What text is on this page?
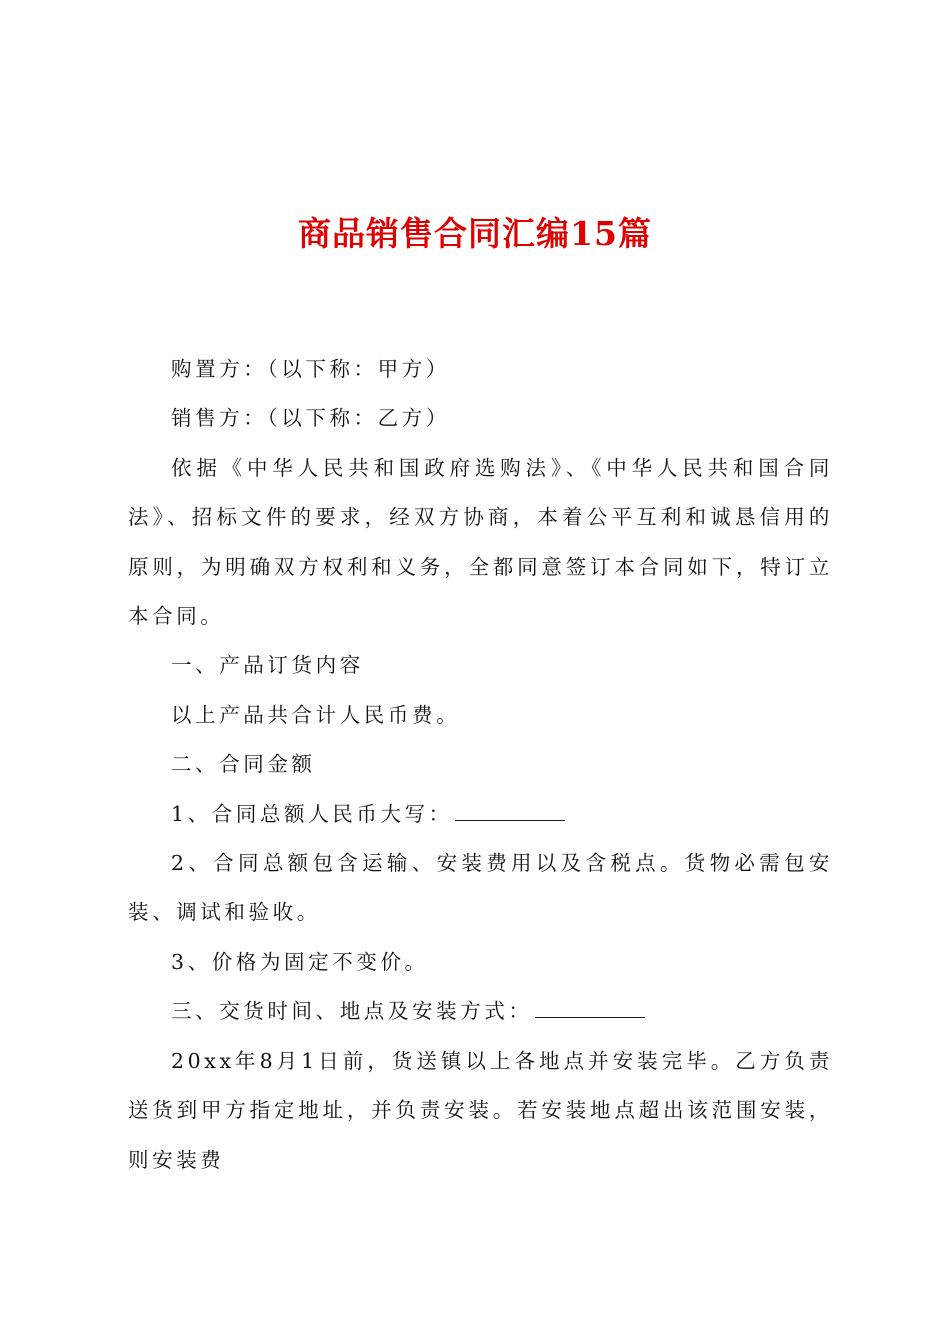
商品销售合同汇编15篇

购置方：（以下称：甲方）

销售方：（以下称：乙方）

依据《中华人民共和国政府选购法》、《中华人民共和国合同法》、招标文件的要求，经双方协商，本着公平互利和诚恳信用的原则，为明确双方权利和义务，全都同意签订本合同如下，特订立本合同。

一、产品订货内容

以上产品共合计人民币费。

二、合同金额

1、合同总额人民币大写：

2、合同总额包含运输、安装费用以及含税点。货物必需包安装、调试和验收。

3、价格为固定不变价。

三、交货时间、地点及安装方式：

20xx年8月1日前，货送镇以上各地点并安装完毕。乙方负责送货到甲方指定地址，并负责安装。若安装地点超出该范围安装，则安装费
